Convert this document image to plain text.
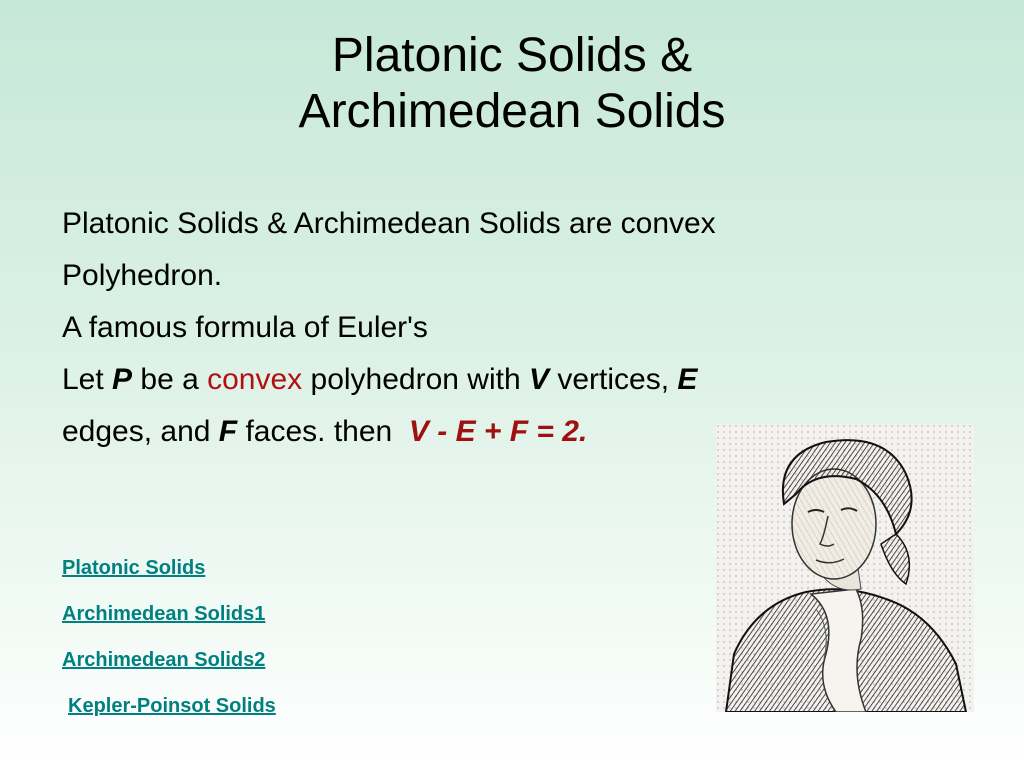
Platonic Solids &
Archimedean Solids
Platonic Solids & Archimedean Solids are convex
Polyhedron.
A famous formula of Euler's
Let P be a convex polyhedron with V vertices, E
edges, and F faces. then  V - E + F = 2.
Platonic Solids
Archimedean Solids1
Archimedean Solids2
Kepler-Poinsot Solids
